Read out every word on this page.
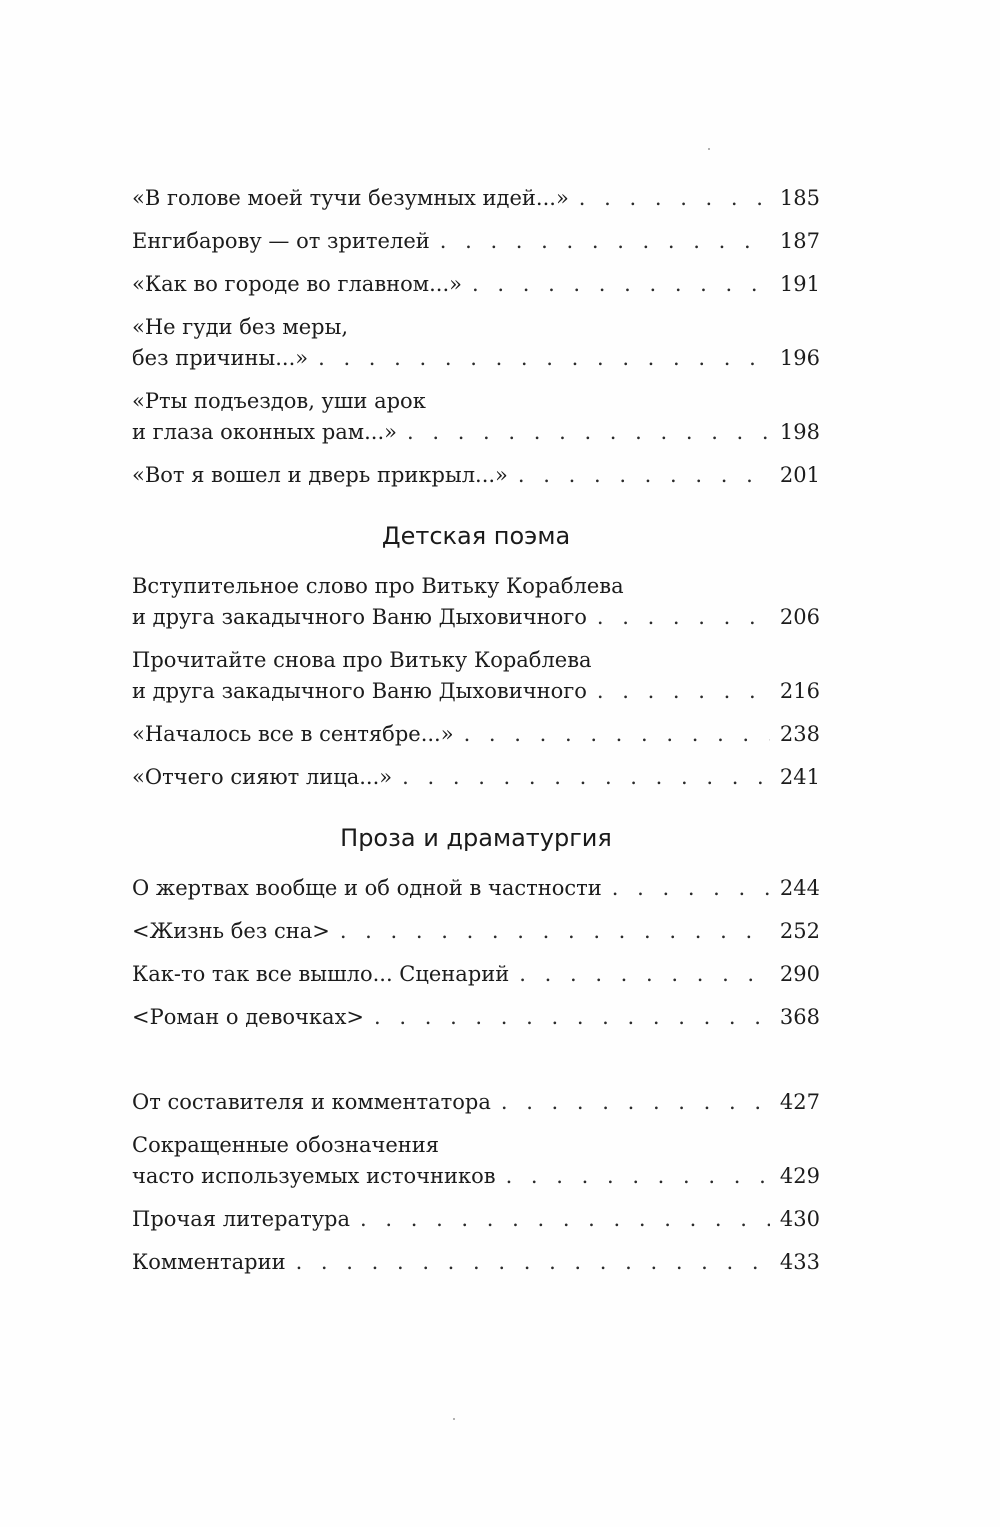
«В голове моей тучи безумных идей...» . . .	185
Енгибарову — от зрителей . . .	187
«Как во городе во главном...» . . .	191
«Не гуди без меры,
без причины...» . . .	196
«Рты подъездов, уши арок
и глаза оконных рам...» . . .	198
«Вот я вошел и дверь прикрыл...» . . .	201
Детская поэма
Вступительное слово про Витьку Кораблева
и друга закадычного Ваню Дыховичного . . .	206
Прочитайте снова про Витьку Кораблева
и друга закадычного Ваню Дыховичного . . .	216
«Началось все в сентябре...» . . .	238
«Отчего сияют лица...» . . .	241
Проза и драматургия
О жертвах вообще и об одной в частности . . .	244
<Жизнь без сна> . . .	252
Как-то так все вышло... Сценарий . . .	290
<Роман о девочках> . . .	368
От составителя и комментатора . . .	427
Сокращенные обозначения
часто используемых источников . . .	429
Прочая литература . . .	430
Комментарии . . .	433
